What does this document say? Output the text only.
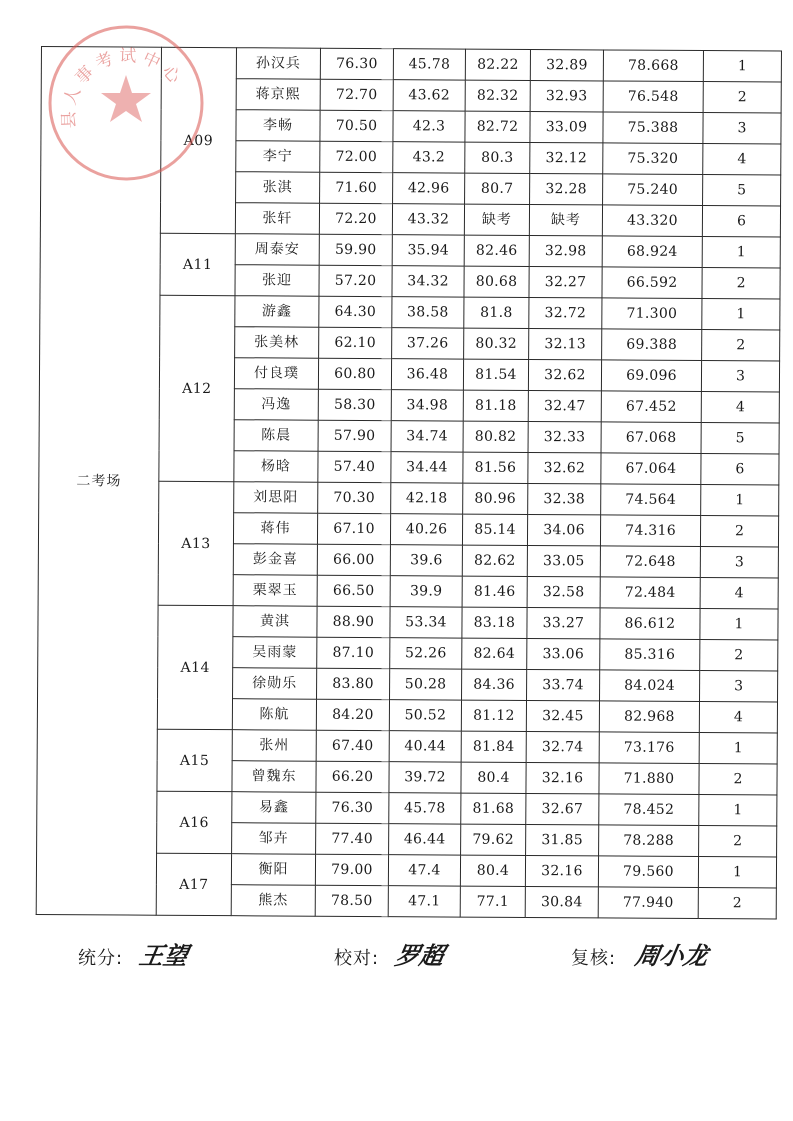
二考场	A09	孙汉兵	76.30	45.78	82.22	32.89	78.668	1
		蒋京熙	72.70	43.62	82.32	32.93	76.548	2
		李畅	70.50	42.3	82.72	33.09	75.388	3
		李宁	72.00	43.2	80.3	32.12	75.320	4
		张淇	71.60	42.96	80.7	32.28	75.240	5
		张轩	72.20	43.32	缺考	缺考	43.320	6
	A11	周泰安	59.90	35.94	82.46	32.98	68.924	1
		张迎	57.20	34.32	80.68	32.27	66.592	2
	A12	游鑫	64.30	38.58	81.8	32.72	71.300	1
		张美林	62.10	37.26	80.32	32.13	69.388	2
		付良璞	60.80	36.48	81.54	32.62	69.096	3
		冯逸	58.30	34.98	81.18	32.47	67.452	4
		陈晨	57.90	34.74	80.82	32.33	67.068	5
		杨晗	57.40	34.44	81.56	32.62	67.064	6
	A13	刘思阳	70.30	42.18	80.96	32.38	74.564	1
		蒋伟	67.10	40.26	85.14	34.06	74.316	2
		彭金喜	66.00	39.6	82.62	33.05	72.648	3
		栗翠玉	66.50	39.9	81.46	32.58	72.484	4
	A14	黄淇	88.90	53.34	83.18	33.27	86.612	1
		吴雨蒙	87.10	52.26	82.64	33.06	85.316	2
		徐勋乐	83.80	50.28	84.36	33.74	84.024	3
		陈航	84.20	50.52	81.12	32.45	82.968	4
	A15	张州	67.40	40.44	81.84	32.74	73.176	1
		曾魏东	66.20	39.72	80.4	32.16	71.880	2
	A16	易鑫	76.30	45.78	81.68	32.67	78.452	1
		邹卉	77.40	46.44	79.62	31.85	78.288	2
	A17	衡阳	79.00	47.4	80.4	32.16	79.560	1
		熊杰	78.50	47.1	77.1	30.84	77.940	2
县人事考试中心
统分: 王望	校对: 罗超	复核: 周小龙
